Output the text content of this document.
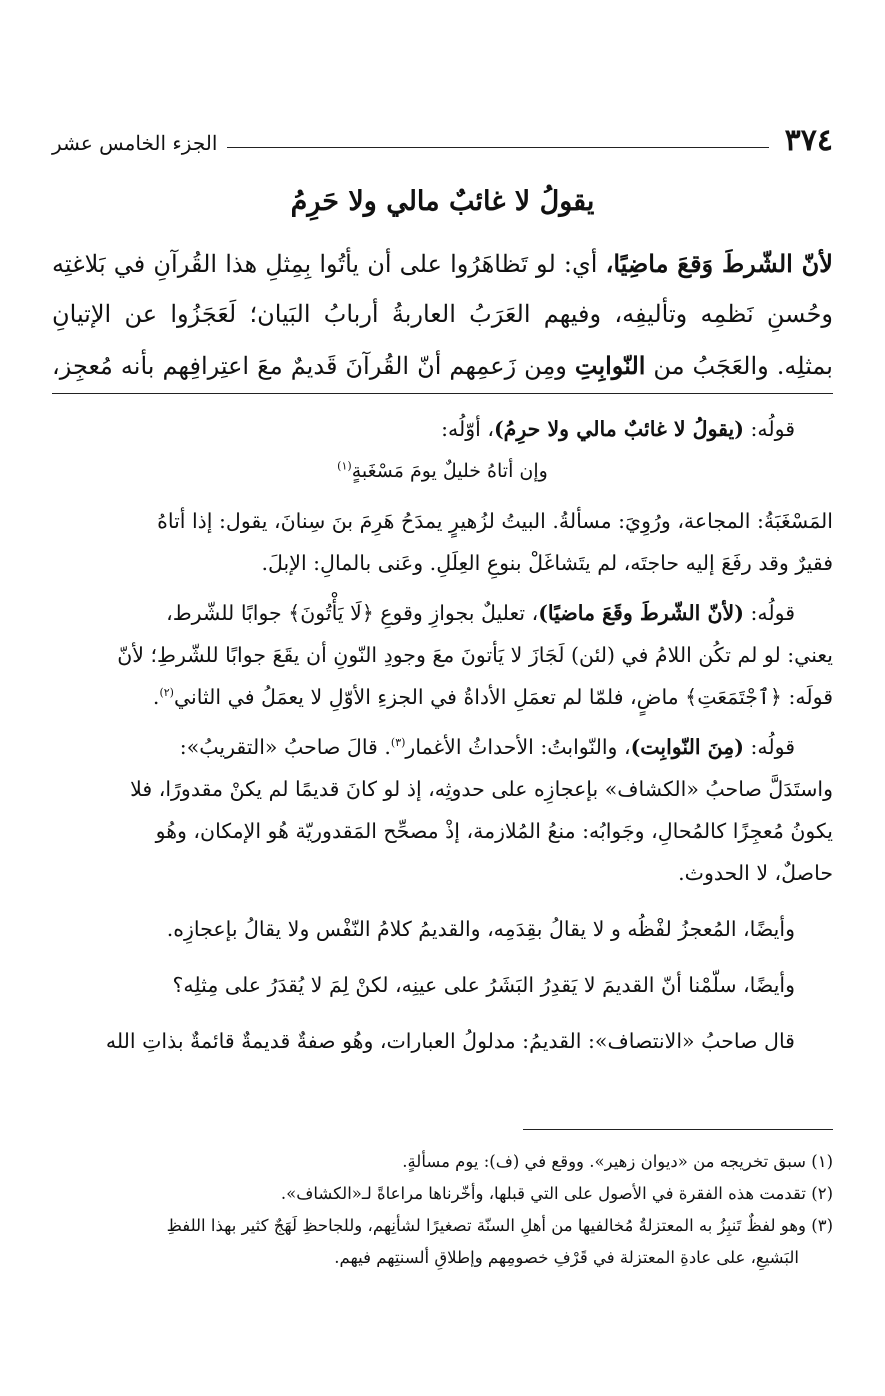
٣٧٤
الجزء الخامس عشر
يقولُ لا غائبٌ مالي ولا حَرِمُ
لأنّ الشّرطَ وَقعَ ماضِيًا، أي: لو تَظاهَرُوا على أن يأتُوا بِمِثلِ هذا القُرآنِ في بَلاغتِه
وحُسنِ نَظمِه وتأليفِه، وفيهم العَرَبُ العاربةُ أربابُ البَيان؛ لَعَجَزُوا عن الإتيانِ
بمثلِه. والعَجَبُ من النّوابِتِ ومِن زَعمِهم أنّ القُرآنَ قَديمٌ معَ اعتِرافِهم بأنه مُعجِز،
قولُه: (يقولُ لا غائبٌ مالي ولا حرِمُ)، أوّلُه:
وإن أتاهُ خليلٌ يومَ مَسْغَبةٍ$^{(١)}$
المَسْغَبَةُ: المجاعة، ورُوِيَ: مسألةُ. البيتُ لزُهيرٍ يمدَحُ هَرِمَ بنَ سِنانَ، يقول: إذا أتاهُ
فقيرٌ وقد رفَعَ إليه حاجتَه، لم يتَشاغَلْ بنوعِ العِلَلِ. وعَنى بالمالِ: الإبلَ.
قولُه: (لأنّ الشّرطَ وقَعَ ماضيًا)، تعليلٌ بجوازِ وقوعِ ﴿لَا يَأْتُونَ﴾ جوابًا للشّرط،
يعني: لو لم تكُن اللامُ في (لئن) لَجَازَ لا يَأتونَ معَ وجودِ النّونِ أن يقَعَ جوابًا للشّرطِ؛ لأنّ
قولَه: ﴿ٱجْتَمَعَتِ﴾ ماضٍ، فلمّا لم تعمَلِ الأداةُ في الجزءِ الأوّلِ لا يعمَلُ في الثاني$^{(٢)}$.
قولُه: (مِنَ النّوابِت)، والنّوابتُ: الأحداثُ الأغمار$^{(٣)}$. قالَ صاحبُ «التقريبُ»:
واستَدَلَّ صاحبُ «الكشاف» بإعجازِه على حدوثِه، إذ لو كانَ قديمًا لم يكنْ مقدورًا، فلا
يكونُ مُعجِزًا كالمُحالِ، وجَوابُه: منعُ المُلازمة، إذْ مصحِّح المَقدوريّة هُو الإمكان، وهُو
حاصلٌ، لا الحدوث.
وأيضًا، المُعجزُ لفْظُه و لا يقالُ بقِدَمِه، والقديمُ كلامُ النّفْس ولا يقالُ بإعجازِه.
وأيضًا، سلّمْنا أنّ القديمَ لا يَقدِرُ البَشَرُ على عينِه، لكنْ لِمَ لا يُقدَرُ على مِثلِه؟
قال صاحبُ «الانتصاف»: القديمُ: مدلولُ العبارات، وهُو صفةٌ قديمةٌ قائمةٌ بذاتِ الله
(١) سبق تخريجه من «ديوان زهير». ووقع في (ف): يوم مسألةٍ.
(٢) تقدمت هذه الفقرة في الأصول على التي قبلها، وأخّرناها مراعاةً لـ«الكشاف».
(٣) وهو لفظٌ تَنبِزُ به المعتزلةُ مُخالفيها من أهلِ السنّة تصغيرًا لشأنِهم، وللجاحظِ لَهَجٌ كثير بهذا اللفظِ
البَشيعِ، على عادةِ المعتزلة في قَرْفِ خصومِهم وإطلاقِ ألسنتِهم فيهم.
